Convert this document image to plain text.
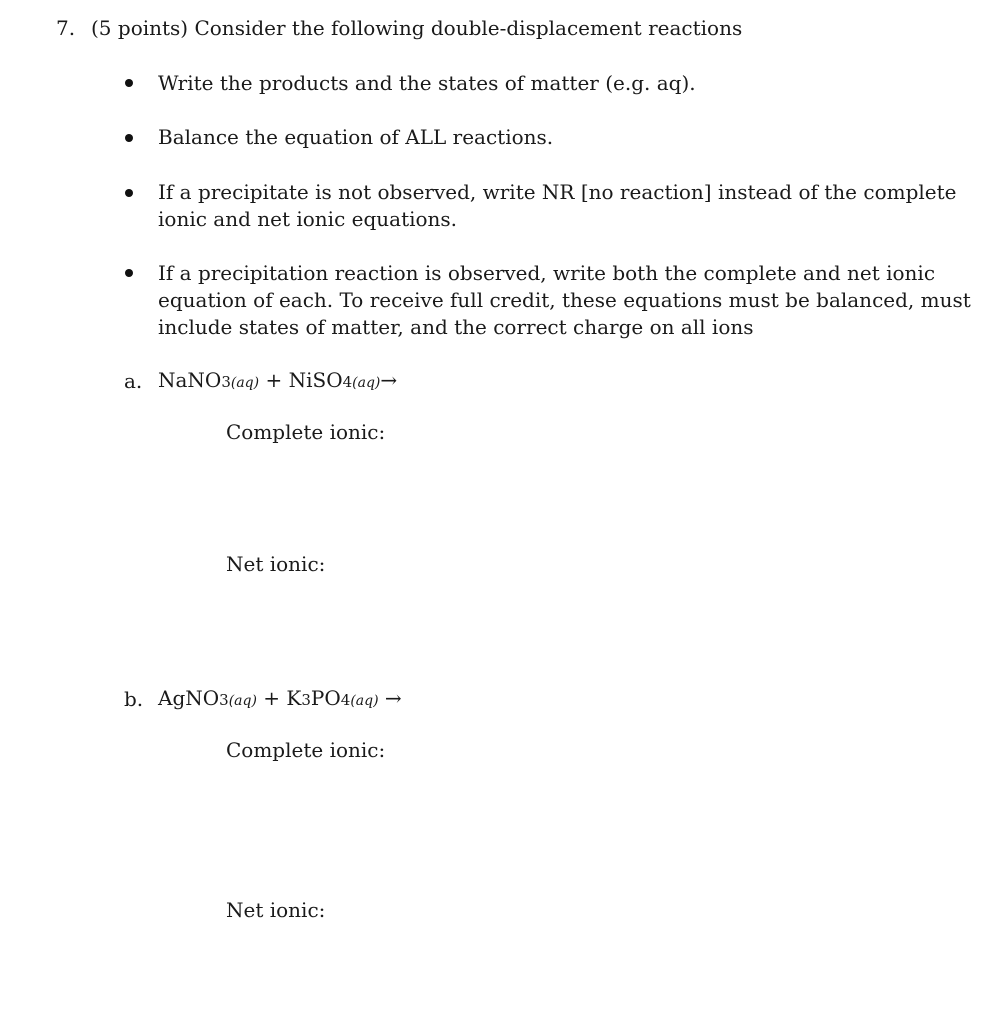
7. (5 points) Consider the following double-displacement reactions
Write the products and the states of matter (e.g. aq).
Balance the equation of ALL reactions.
If a precipitate is not observed, write NR [no reaction] instead of the complete
ionic and net ionic equations.
If a precipitation reaction is observed, write both the complete and net ionic
equation of each. To receive full credit, these equations must be balanced, must
include states of matter, and the correct charge on all ions
a. NaNO3(aq) + NiSO4(aq)→
Complete ionic:
Net ionic:
b. AgNO3(aq) + K3PO4(aq) →
Complete ionic:
Net ionic:
